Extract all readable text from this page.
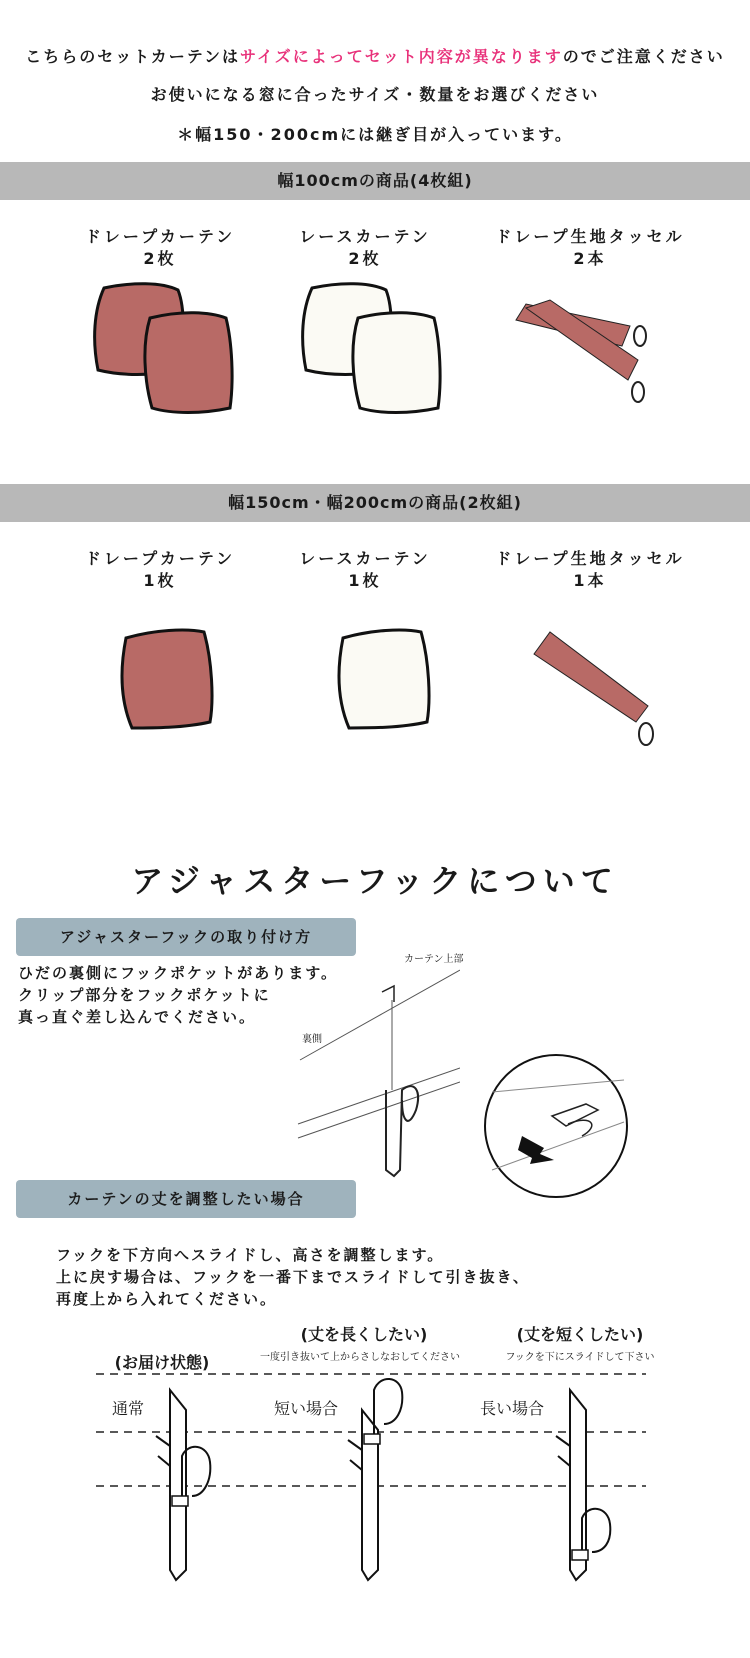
こちらのセットカーテンはサイズによってセット内容が異なりますのでご注意ください
お使いになる窓に合ったサイズ・数量をお選びください
＊幅150・200cmには継ぎ目が入っています。
幅100cmの商品(4枚組)
ドレープカーテン
2枚
レースカーテン
2枚
ドレープ生地タッセル
2本
幅150cm・幅200cmの商品(2枚組)
ドレープカーテン
1枚
レースカーテン
1枚
ドレープ生地タッセル
1本
アジャスターフックについて
アジャスターフックの取り付け方
ひだの裏側にフックポケットがあります。
クリップ部分をフックポケットに
真っ直ぐ差し込んでください。
カーテン上部
裏側
カーテンの丈を調整したい場合
フックを下方向へスライドし、高さを調整します。
上に戻す場合は、フックを一番下までスライドして引き抜き、
再度上から入れてください。
(お届け状態)
(丈を長くしたい)
一度引き抜いて上からさしなおしてください
(丈を短くしたい)
フックを下にスライドして下さい
通常	短い場合	長い場合
